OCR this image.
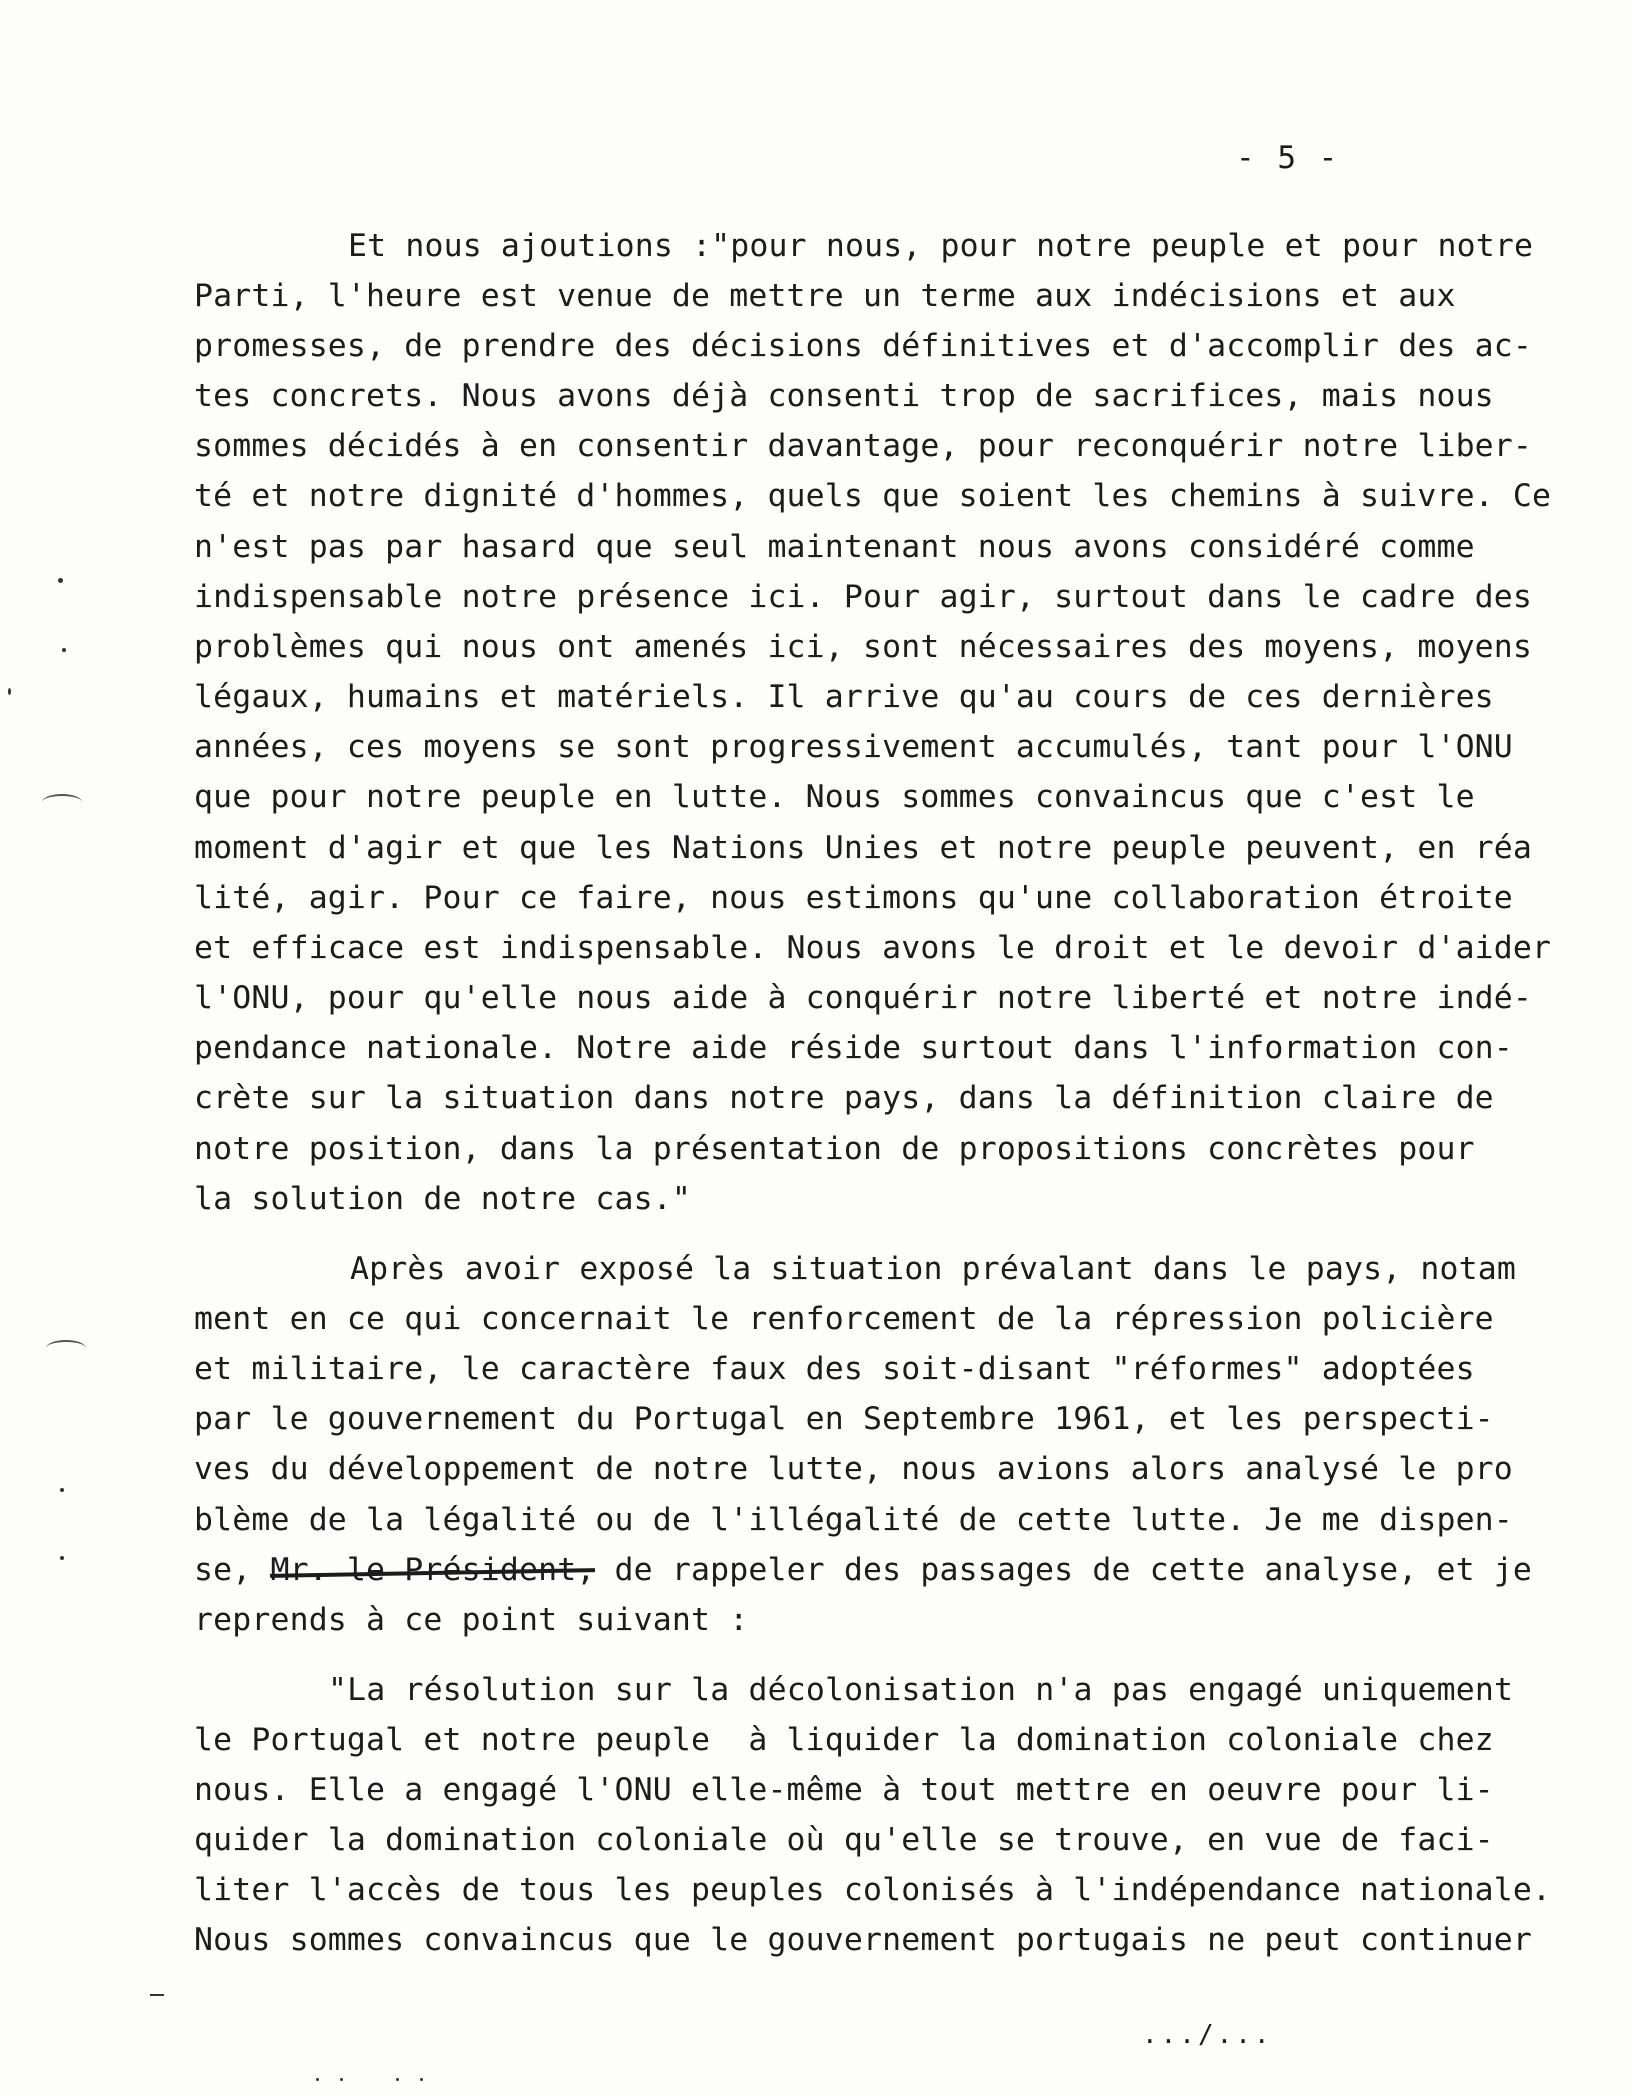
- 5 -
Et nous ajoutions :"pour nous, pour notre peuple et pour notre
Parti, l'heure est venue de mettre un terme aux indécisions et aux
promesses, de prendre des décisions définitives et d'accomplir des ac-
tes concrets. Nous avons déjà consenti trop de sacrifices, mais nous
sommes décidés à en consentir davantage, pour reconquérir notre liber-
té et notre dignité d'hommes, quels que soient les chemins à suivre. Ce
n'est pas par hasard que seul maintenant nous avons considéré comme
indispensable notre présence ici. Pour agir, surtout dans le cadre des
problèmes qui nous ont amenés ici, sont nécessaires des moyens, moyens
légaux, humains et matériels. Il arrive qu'au cours de ces dernières
années, ces moyens se sont progressivement accumulés, tant pour l'ONU
que pour notre peuple en lutte. Nous sommes convaincus que c'est le
moment d'agir et que les Nations Unies et notre peuple peuvent, en réa
lité, agir. Pour ce faire, nous estimons qu'une collaboration étroite
et efficace est indispensable. Nous avons le droit et le devoir d'aider
l'ONU, pour qu'elle nous aide à conquérir notre liberté et notre indé-
pendance nationale. Notre aide réside surtout dans l'information con-
crète sur la situation dans notre pays, dans la définition claire de
notre position, dans la présentation de propositions concrètes pour
la solution de notre cas."
Après avoir exposé la situation prévalant dans le pays, notam
ment en ce qui concernait le renforcement de la répression policière
et militaire, le caractère faux des soit-disant "réformes" adoptées
par le gouvernement du Portugal en Septembre 1961, et les perspecti-
ves du développement de notre lutte, nous avions alors analysé le pro
blème de la légalité ou de l'illégalité de cette lutte. Je me dispen-
se, Mr. le Président, de rappeler des passages de cette analyse, et je
reprends à ce point suivant :
"La résolution sur la décolonisation n'a pas engagé uniquement
le Portugal et notre peuple  à liquider la domination coloniale chez
nous. Elle a engagé l'ONU elle-même à tout mettre en oeuvre pour li-
quider la domination coloniale où qu'elle se trouve, en vue de faci-
liter l'accès de tous les peuples colonisés à l'indépendance nationale.
Nous sommes convaincus que le gouvernement portugais ne peut continuer
.../...
